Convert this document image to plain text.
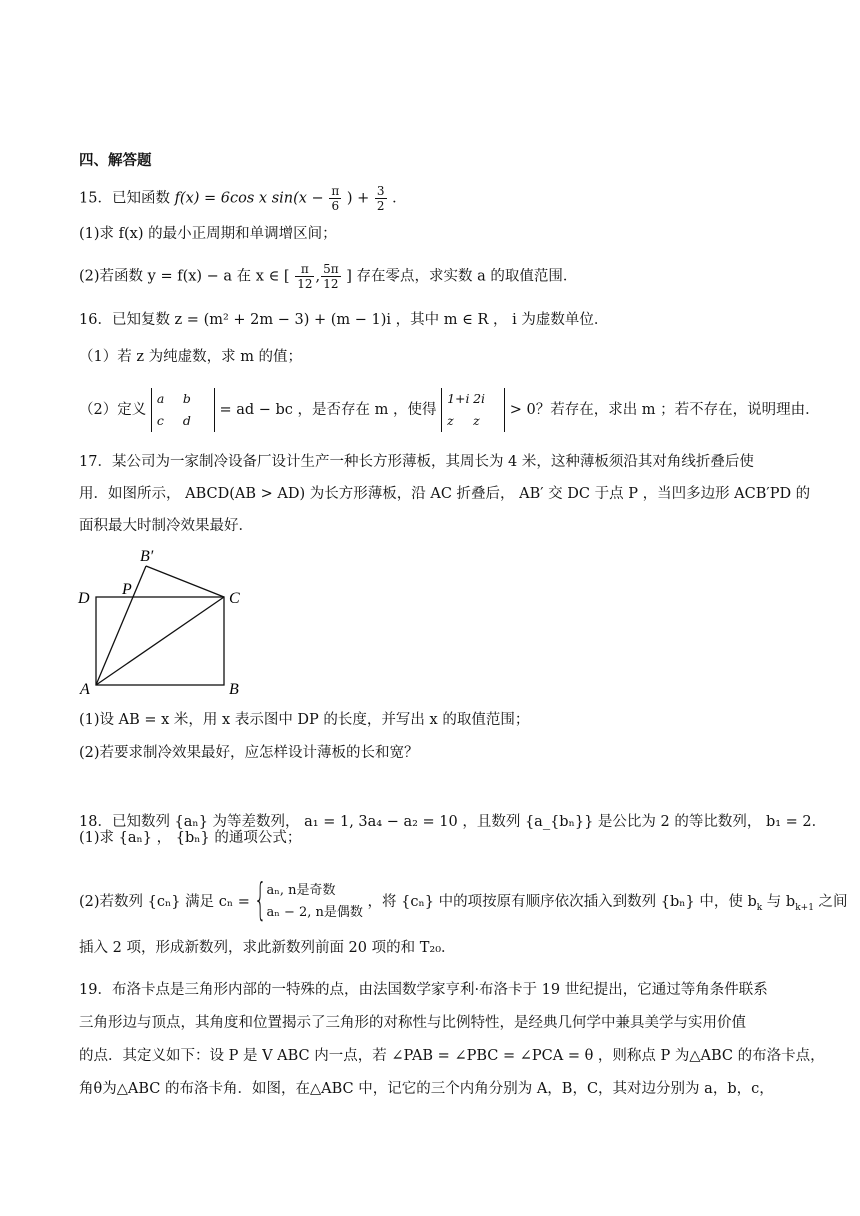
四、解答题
15．已知函数 f(x) = 6cos x $\sin(x - \frac{\pi}{6}$ ) + $\frac{3}{2}$ ．
(1)求 f(x) 的最小正周期和单调增区间；
(2)若函数 y = f(x) − a 在 x ∈ [ $\frac{\pi}{12}$ , $\frac{5\pi}{12}$ ] 存在零点，求实数 a 的取值范围．
16．已知复数 z = (m² + 2m − 3) + (m − 1)i ，其中 m ∈ R ， i 为虚数单位．
（1）若 z 为纯虚数，求 m 的值；
（2）定义
a b
c d
= ad − bc ，是否存在 m ，使得
1+i 2i
z z
> 0？若存在，求出 m ；若不存在，说明理由．
17．某公司为一家制冷设备厂设计生产一种长方形薄板，其周长为 4 米，这种薄板须沿其对角线折叠后使
用．如图所示， ABCD(AB > AD) 为长方形薄板，沿 AC 折叠后， AB′ 交 DC 于点 P ，当凹多边形 ACB′PD 的
面积最大时制冷效果最好．
B′
P
D	C
A	B
(1)设 AB = x 米，用 x 表示图中 DP 的长度，并写出 x 的取值范围；
(2)若要求制冷效果最好，应怎样设计薄板的长和宽？
18．已知数列 {aₙ} 为等差数列， a₁ = 1, 3a₄ − a₂ = 10 ，且数列 {a_{bₙ}} 是公比为 2 的等比数列， b₁ = 2．
(1)求 {aₙ} ， {bₙ} 的通项公式；
(2)若数列 {cₙ} 满足 cₙ = { aₙ, n是奇数
aₙ − 2, n是偶数
，将 {cₙ} 中的项按原有顺序依次插入到数列 {bₙ} 中，使 $b_k$ 与 $b_{k+1}$ 之间
插入 2 项，形成新数列，求此新数列前面 20 项的和 T₂₀．
19．布洛卡点是三角形内部的一特殊的点，由法国数学家亨利·布洛卡于 19 世纪提出，它通过等角条件联系
三角形边与顶点，其角度和位置揭示了三角形的对称性与比例特性，是经典几何学中兼具美学与实用价值
的点．其定义如下：设 P 是 V ABC 内一点，若 ∠PAB = ∠PBC = ∠PCA = θ ，则称点 P 为△ABC 的布洛卡点，
角θ为△ABC 的布洛卡角．如图，在△ABC 中，记它的三个内角分别为 A，B，C，其对边分别为 a，b，c，
